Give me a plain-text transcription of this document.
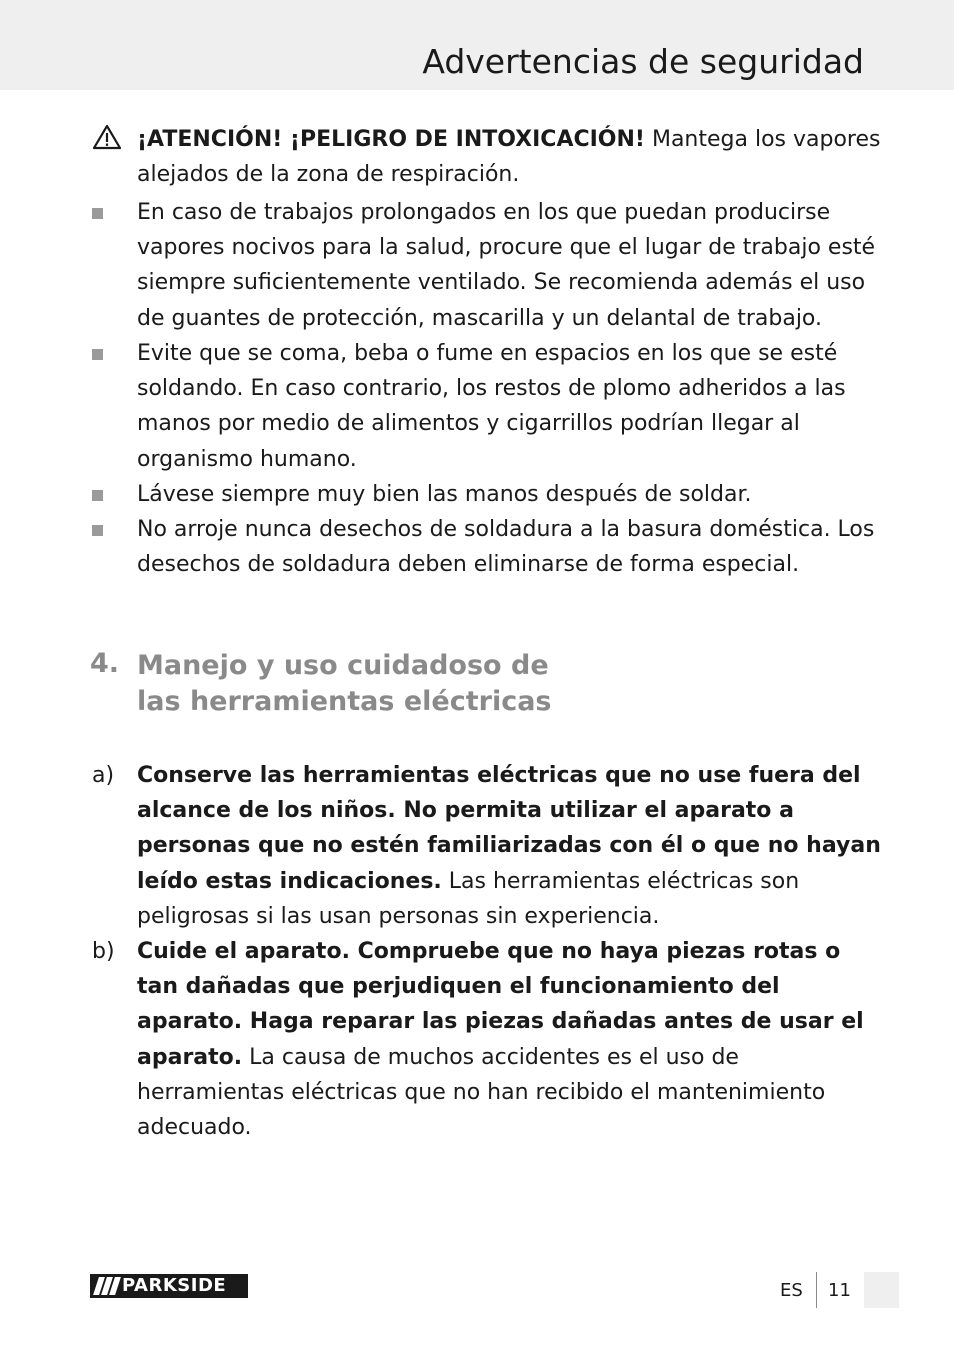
Advertencias de seguridad
¡ATENCIÓN! ¡PELIGRO DE INTOXICACIÓN! Mantega los vapores alejados de la zona de respiración.
En caso de trabajos prolongados en los que puedan producirse vapores nocivos para la salud, procure que el lugar de trabajo esté siempre suficientemente ventilado. Se recomienda además el uso de guantes de protección, mascarilla y un delantal de trabajo.
Evite que se coma, beba o fume en espacios en los que se esté soldando. En caso contrario, los restos de plomo adheridos a las manos por medio de alimentos y cigarrillos podrían llegar al organismo humano.
Lávese siempre muy bien las manos después de soldar.
No arroje nunca desechos de soldadura a la basura doméstica. Los desechos de soldadura deben eliminarse de forma especial.
4. Manejo y uso cuidadoso de
las herramientas eléctricas
a) Conserve las herramientas eléctricas que no use fuera del alcance de los niños. No permita utilizar el aparato a personas que no estén familiarizadas con él o que no hayan leído estas indicaciones. Las herramientas eléctricas son peligrosas si las usan personas sin experiencia.
b) Cuide el aparato. Compruebe que no haya piezas rotas o tan dañadas que perjudiquen el funcionamiento del aparato. Haga reparar las piezas dañadas antes de usar el aparato. La causa de muchos accidentes es el uso de herramientas eléctricas que no han recibido el mantenimiento adecuado.
PARKSIDE	ES 11
